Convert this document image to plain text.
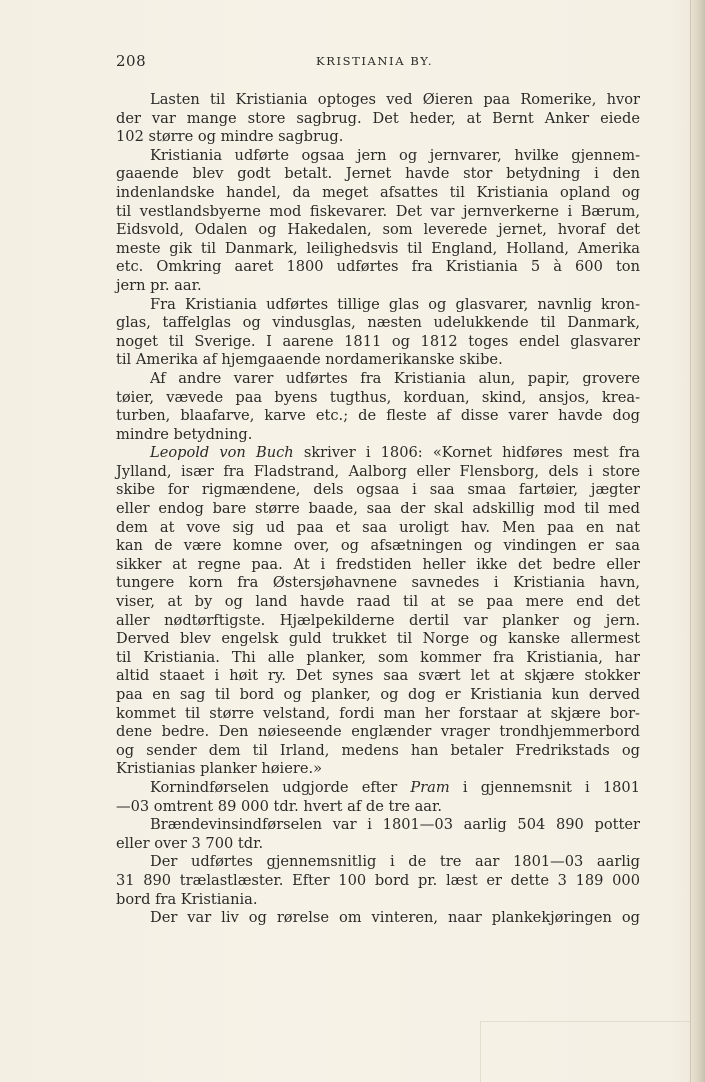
208	KRISTIANIA BY.
Lasten til Kristiania optoges ved Øieren paa Romerike, hvor
der var mange store sagbrug. Det heder, at Bernt Anker eiede
102 større og mindre sagbrug.
Kristiania udførte ogsaa jern og jernvarer, hvilke gjennem-
gaaende blev godt betalt. Jernet havde stor betydning i den
indenlandske handel, da meget afsattes til Kristiania opland og
til vestlandsbyerne mod fiskevarer. Det var jernverkerne i Bærum,
Eidsvold, Odalen og Hakedalen, som leverede jernet, hvoraf det
meste gik til Danmark, leilighedsvis til England, Holland, Amerika
etc. Omkring aaret 1800 udførtes fra Kristiania 5 à 600 ton
jern pr. aar.
Fra Kristiania udførtes tillige glas og glasvarer, navnlig kron-
glas, taffelglas og vindusglas, næsten udelukkende til Danmark,
noget til Sverige. I aarene 1811 og 1812 toges endel glasvarer
til Amerika af hjemgaaende nordamerikanske skibe.
Af andre varer udførtes fra Kristiania alun, papir, grovere
tøier, vævede paa byens tugthus, korduan, skind, ansjos, krea-
turben, blaafarve, karve etc.; de fleste af disse varer havde dog
mindre betydning.
Leopold von Buch skriver i 1806: «Kornet hidføres mest fra
Jylland, især fra Fladstrand, Aalborg eller Flensborg, dels i store
skibe for rigmændene, dels ogsaa i saa smaa fartøier, jægter
eller endog bare større baade, saa der skal adskillig mod til med
dem at vove sig ud paa et saa uroligt hav. Men paa en nat
kan de være komne over, og afsætningen og vindingen er saa
sikker at regne paa. At i fredstiden heller ikke det bedre eller
tungere korn fra Østersjøhavnene savnedes i Kristiania havn,
viser, at by og land havde raad til at se paa mere end det
aller nødtørftigste. Hjælpekilderne dertil var planker og jern.
Derved blev engelsk guld trukket til Norge og kanske allermest
til Kristiania. Thi alle planker, som kommer fra Kristiania, har
altid staaet i høit ry. Det synes saa svært let at skjære stokker
paa en sag til bord og planker, og dog er Kristiania kun derved
kommet til større velstand, fordi man her forstaar at skjære bor-
dene bedre. Den nøieseende englænder vrager trondhjemmerbord
og sender dem til Irland, medens han betaler Fredrikstads og
Kristianias planker høiere.»
Kornindførselen udgjorde efter Pram i gjennemsnit i 1801
—03 omtrent 89 000 tdr. hvert af de tre aar.
Brændevinsindførselen var i 1801—03 aarlig 504 890 potter
eller over 3 700 tdr.
Der udførtes gjennemsnitlig i de tre aar 1801—03 aarlig
31 890 trælastlæster. Efter 100 bord pr. læst er dette 3 189 000
bord fra Kristiania.
Der var liv og rørelse om vinteren, naar plankekjøringen og
